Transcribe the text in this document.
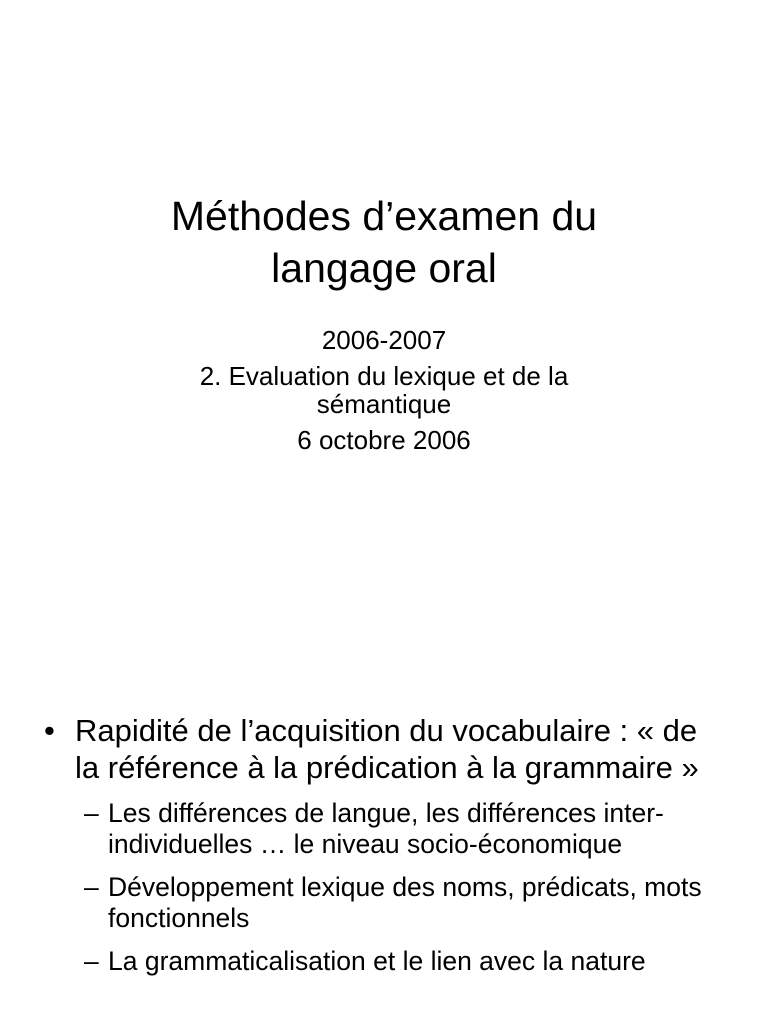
Méthodes d’examen du
langage oral
2006-2007
2. Evaluation du lexique et de la
sémantique
6 octobre 2006
• Rapidité de l’acquisition du vocabulaire : « de la référence à la prédication à la grammaire »
– Les différences de langue, les différences inter-individuelles … le niveau socio-économique
– Développement lexique des noms, prédicats, mots fonctionnels
– La grammaticalisation et le lien avec la nature
